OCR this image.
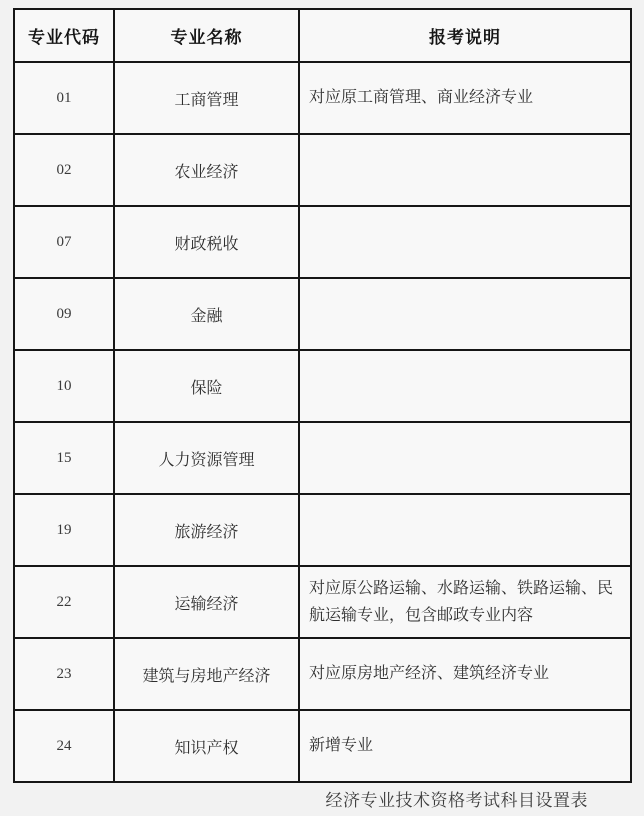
专业代码	专业名称	报考说明
01	工商管理	对应原工商管理、商业经济专业
02	农业经济	
07	财政税收	
09	金融	
10	保险	
15	人力资源管理	
19	旅游经济	
22	运输经济	对应原公路运输、水路运输、铁路运输、民航运输专业，包含邮政专业内容
23	建筑与房地产经济	对应原房地产经济、建筑经济专业
24	知识产权	新增专业
经济专业技术资格考试科目设置表
